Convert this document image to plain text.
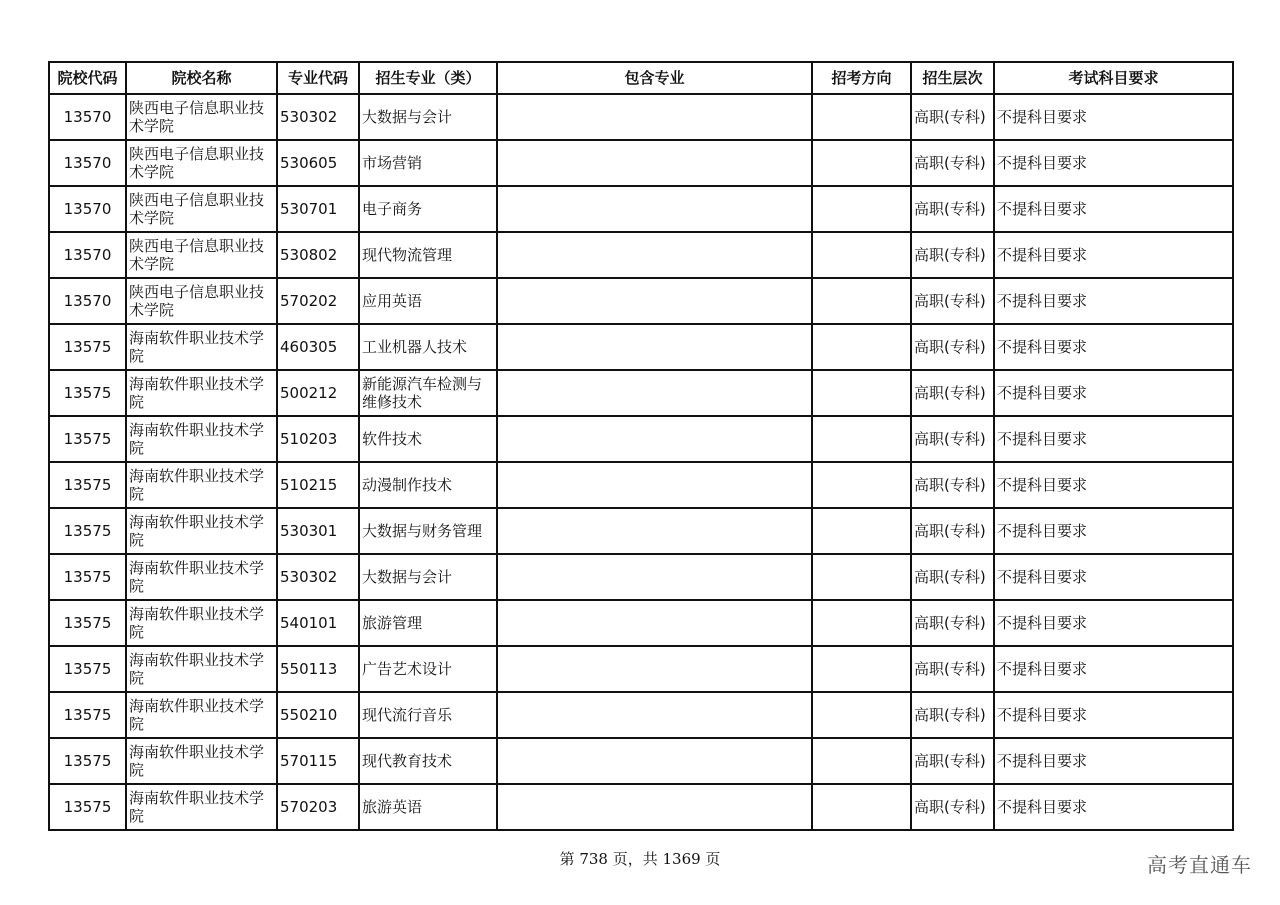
院校代码	院校名称	专业代码	招生专业（类）	包含专业	招考方向	招生层次	考试科目要求
13570	陕西电子信息职业技术学院	530302	大数据与会计			高职(专科)	不提科目要求
13570	陕西电子信息职业技术学院	530605	市场营销			高职(专科)	不提科目要求
13570	陕西电子信息职业技术学院	530701	电子商务			高职(专科)	不提科目要求
13570	陕西电子信息职业技术学院	530802	现代物流管理			高职(专科)	不提科目要求
13570	陕西电子信息职业技术学院	570202	应用英语			高职(专科)	不提科目要求
13575	海南软件职业技术学院	460305	工业机器人技术			高职(专科)	不提科目要求
13575	海南软件职业技术学院	500212	新能源汽车检测与维修技术			高职(专科)	不提科目要求
13575	海南软件职业技术学院	510203	软件技术			高职(专科)	不提科目要求
13575	海南软件职业技术学院	510215	动漫制作技术			高职(专科)	不提科目要求
13575	海南软件职业技术学院	530301	大数据与财务管理			高职(专科)	不提科目要求
13575	海南软件职业技术学院	530302	大数据与会计			高职(专科)	不提科目要求
13575	海南软件职业技术学院	540101	旅游管理			高职(专科)	不提科目要求
13575	海南软件职业技术学院	550113	广告艺术设计			高职(专科)	不提科目要求
13575	海南软件职业技术学院	550210	现代流行音乐			高职(专科)	不提科目要求
13575	海南软件职业技术学院	570115	现代教育技术			高职(专科)	不提科目要求
13575	海南软件职业技术学院	570203	旅游英语			高职(专科)	不提科目要求
第 738 页，共 1369 页	高考直通车
